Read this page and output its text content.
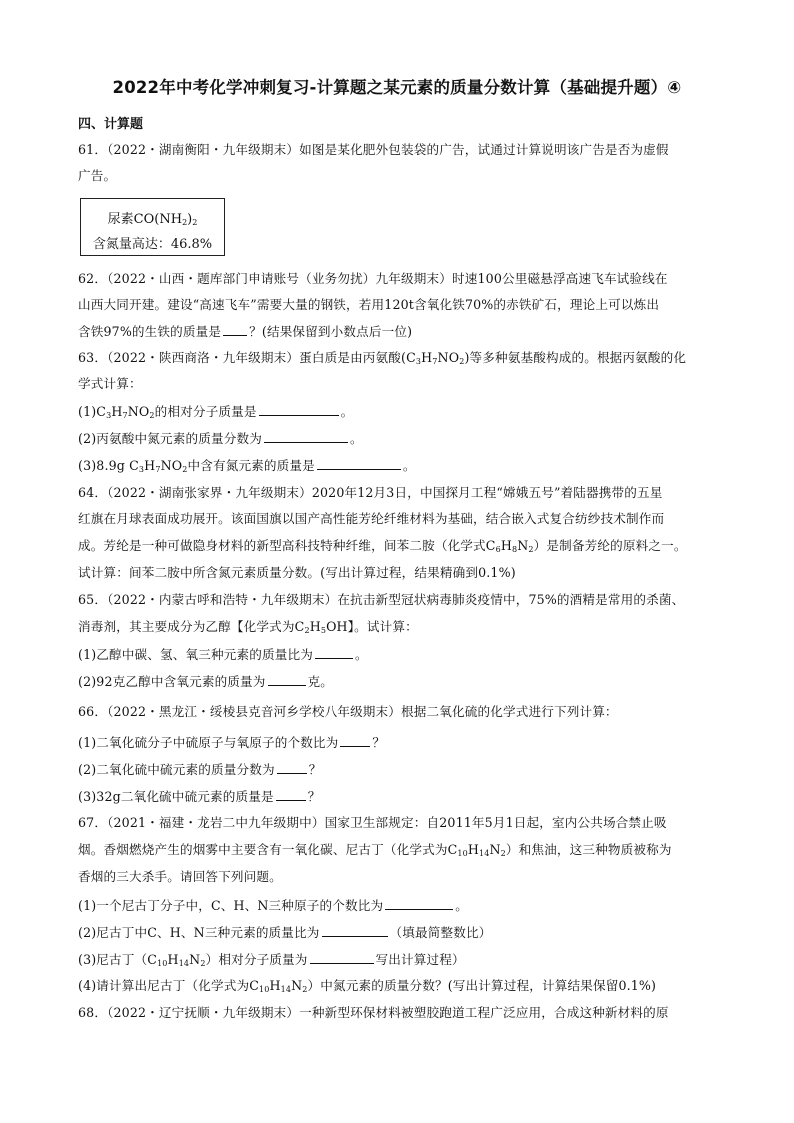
2022年中考化学冲刺复习-计算题之某元素的质量分数计算（基础提升题）④
四、计算题
61．（2022・湖南衡阳・九年级期末）如图是某化肥外包装袋的广告，试通过计算说明该广告是否为虚假
广告。
尿素$CO(NH_2)_2$
含氮量高达：46.8%
62．（2022・山西・题库部门申请账号（业务勿扰）九年级期末）时速100公里磁悬浮高速飞车试验线在
山西大同开建。建设“高速飞车”需要大量的钢铁，若用120t含氧化铁70%的赤铁矿石，理论上可以炼出
含铁97%的生铁的质量是 ？(结果保留到小数点后一位)
63．（2022・陕西商洛・九年级期末）蛋白质是由丙氨酸$(C_3H_7NO_2)$等多种氨基酸构成的。根据丙氨酸的化
学式计算：
$(1)C_3H_7NO_2$的相对分子质量是	。
(2)丙氨酸中氮元素的质量分数为	。
(3)8.9g $C_3H_7NO_2$中含有氮元素的质量是	。
64．（2022・湖南张家界・九年级期末）2020年12月3日，中国探月工程“嫦娥五号”着陆器携带的五星
红旗在月球表面成功展开。该面国旗以国产高性能芳纶纤维材料为基础，结合嵌入式复合纺纱技术制作而
成。芳纶是一种可做隐身材料的新型高科技特种纤维，间苯二胺（化学式$C_6H_8N_2$）是制备芳纶的原料之一。
试计算：间苯二胺中所含氮元素质量分数。(写出计算过程，结果精确到0.1%)
65．（2022・内蒙古呼和浩特・九年级期末）在抗击新型冠状病毒肺炎疫情中，75%的酒精是常用的杀菌、
消毒剂，其主要成分为乙醇【化学式为$C_2H_5OH$】。试计算：
(1)乙醇中碳、氢、氧三种元素的质量比为	。
(2)92克乙醇中含氧元素的质量为	克。
66．（2022・黑龙江・绥棱县克音河乡学校八年级期末）根据二氧化硫的化学式进行下列计算：
(1)二氧化硫分子中硫原子与氧原子的个数比为	？
(2)二氧化硫中硫元素的质量分数为	？
(3)32g二氧化硫中硫元素的质量是	？
67．（2021・福建・龙岩二中九年级期中）国家卫生部规定：自2011年5月1日起，室内公共场合禁止吸
烟。香烟燃烧产生的烟雾中主要含有一氧化碳、尼古丁（化学式为$C_{10}H_{14}N_2$）和焦油，这三种物质被称为
香烟的三大杀手。请回答下列问题。
(1)一个尼古丁分子中，C、H、N三种原子的个数比为	。
(2)尼古丁中C、H、N三种元素的质量比为	（填最简整数比）
(3)尼古丁$(C_{10}H_{14}N_2)$相对分子质量为	写出计算过程）
(4)请计算出尼古丁（化学式为$C_{10}H_{14}N_2$）中氮元素的质量分数？(写出计算过程，计算结果保留0.1%)
68．（2022・辽宁抚顺・九年级期末）一种新型环保材料被塑胶跑道工程广泛应用，合成这种新材料的原
